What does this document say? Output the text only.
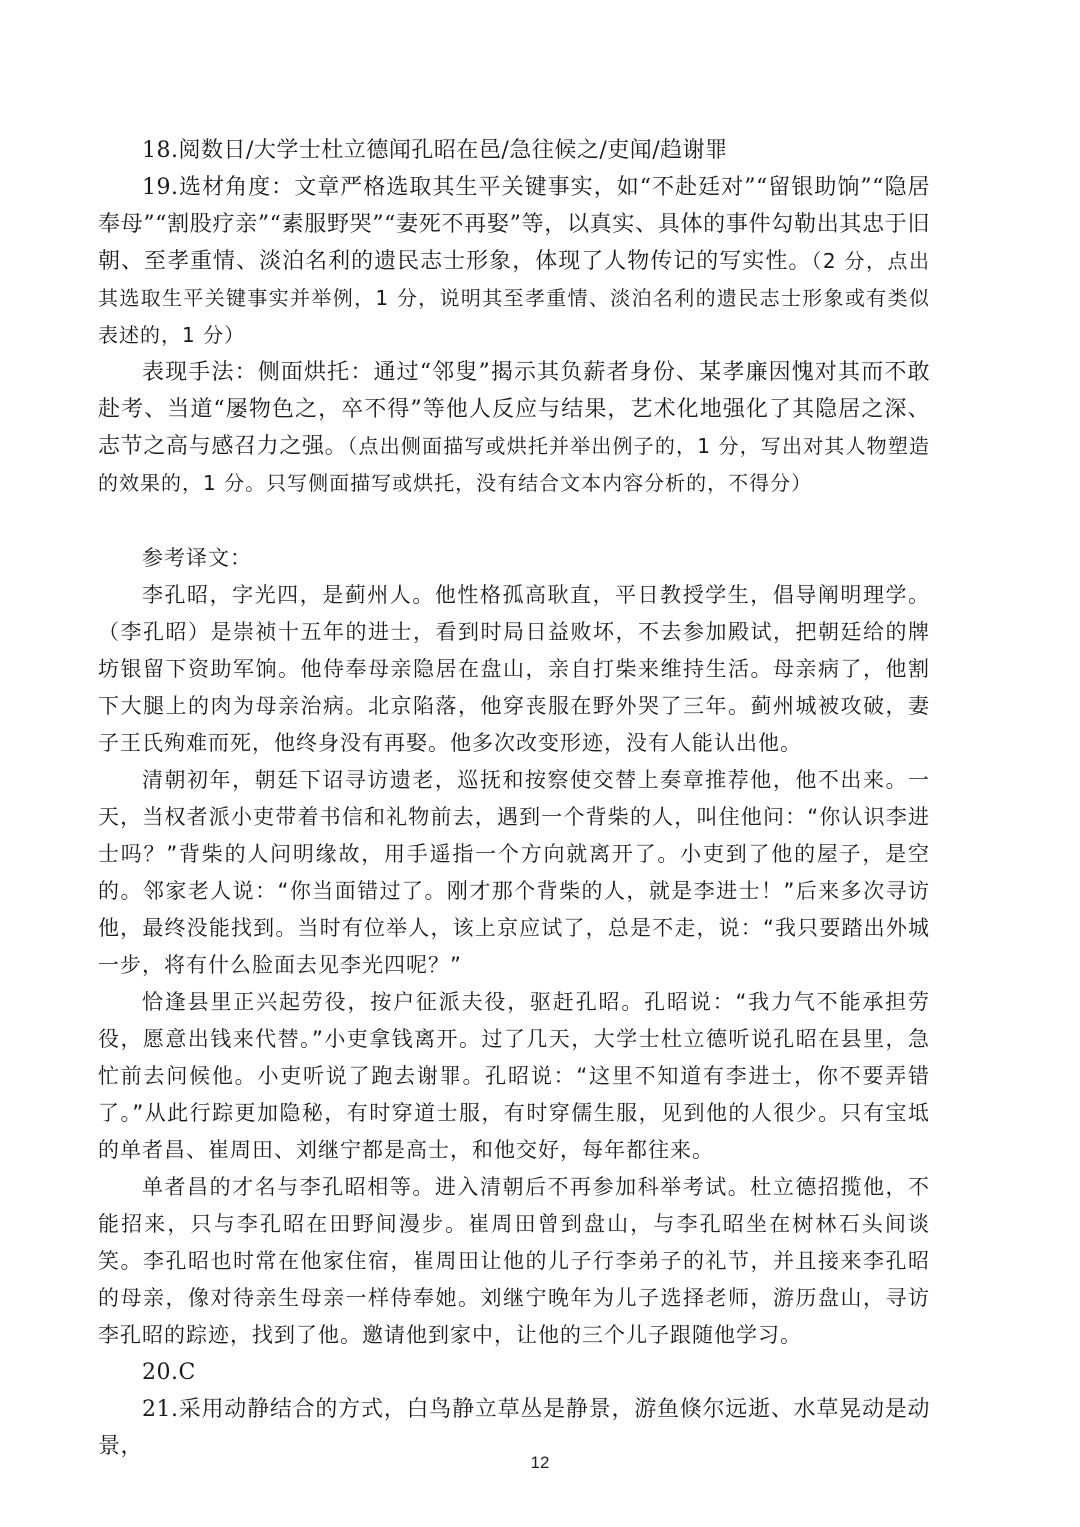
18.阅数日/大学士杜立德闻孔昭在邑/急往候之/吏闻/趋谢罪

19.选材角度：文章严格选取其生平关键事实，如“不赴廷对”“留银助饷”“隐居奉母”“割股疗亲”“素服野哭”“妻死不再娶”等，以真实、具体的事件勾勒出其忠于旧朝、至孝重情、淡泊名利的遗民志士形象，体现了人物传记的写实性。（2 分，点出其选取生平关键事实并举例，1 分，说明其至孝重情、淡泊名利的遗民志士形象或有类似表述的，1 分）

表现手法：侧面烘托：通过“邻叟”揭示其负薪者身份、某孝廉因愧对其而不敢赴考、当道“屡物色之，卒不得”等他人反应与结果，艺术化地强化了其隐居之深、志节之高与感召力之强。（点出侧面描写或烘托并举出例子的，1 分，写出对其人物塑造的效果的，1 分。只写侧面描写或烘托，没有结合文本内容分析的，不得分）

参考译文：

李孔昭，字光四，是蓟州人。他性格孤高耿直，平日教授学生，倡导阐明理学。（李孔昭）是崇祯十五年的进士，看到时局日益败坏，不去参加殿试，把朝廷给的牌坊银留下资助军饷。他侍奉母亲隐居在盘山，亲自打柴来维持生活。母亲病了，他割下大腿上的肉为母亲治病。北京陷落，他穿丧服在野外哭了三年。蓟州城被攻破，妻子王氏殉难而死，他终身没有再娶。他多次改变形迹，没有人能认出他。

清朝初年，朝廷下诏寻访遗老，巡抚和按察使交替上奏章推荐他，他不出来。一天，当权者派小吏带着书信和礼物前去，遇到一个背柴的人，叫住他问：“你认识李进士吗？”背柴的人问明缘故，用手遥指一个方向就离开了。小吏到了他的屋子，是空的。邻家老人说：“你当面错过了。刚才那个背柴的人，就是李进士！”后来多次寻访他，最终没能找到。当时有位举人，该上京应试了，总是不走，说：“我只要踏出外城一步，将有什么脸面去见李光四呢？”

恰逢县里正兴起劳役，按户征派夫役，驱赶孔昭。孔昭说：“我力气不能承担劳役，愿意出钱来代替。”小吏拿钱离开。过了几天，大学士杜立德听说孔昭在县里，急忙前去问候他。小吏听说了跑去谢罪。孔昭说：“这里不知道有李进士，你不要弄错了。”从此行踪更加隐秘，有时穿道士服，有时穿儒生服，见到他的人很少。只有宝坻的单者昌、崔周田、刘继宁都是高士，和他交好，每年都往来。

单者昌的才名与李孔昭相等。进入清朝后不再参加科举考试。杜立德招揽他，不能招来，只与李孔昭在田野间漫步。崔周田曾到盘山，与李孔昭坐在树林石头间谈笑。李孔昭也时常在他家住宿，崔周田让他的儿子行李弟子的礼节，并且接来李孔昭的母亲，像对待亲生母亲一样侍奉她。刘继宁晚年为儿子选择老师，游历盘山，寻访李孔昭的踪迹，找到了他。邀请他到家中，让他的三个儿子跟随他学习。

20.C

21.采用动静结合的方式，白鸟静立草丛是静景，游鱼倏尔远逝、水草晃动是动景，

12
